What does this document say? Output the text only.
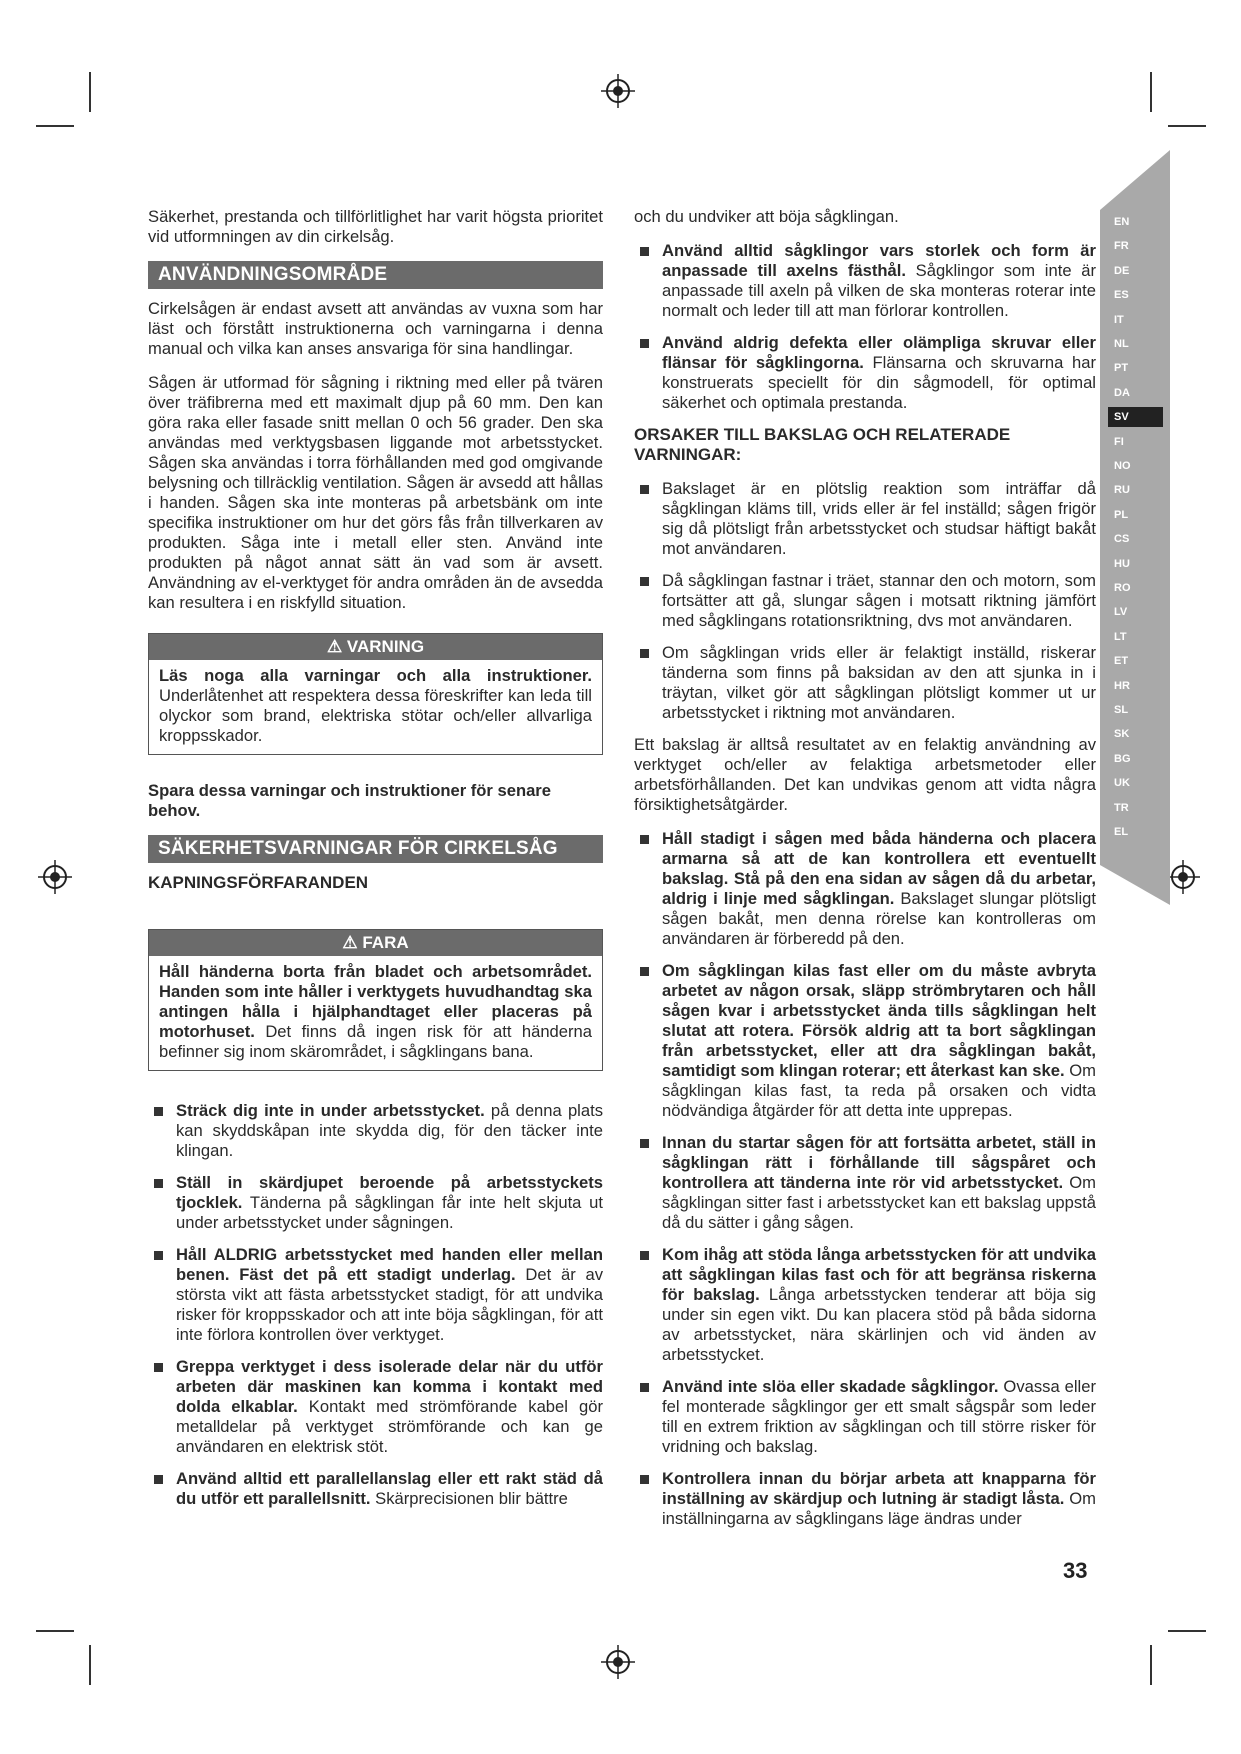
EN
FR
DE
ES
IT
NL
PT
DA
SV
FI
NO
RU
PL
CS
HU
RO
LV
LT
ET
HR
SL
SK
BG
UK
TR
EL

Säkerhet, prestanda och tillförlitlighet har varit högsta prioritet vid utformningen av din cirkelsåg.

ANVÄNDNINGSOMRÅDE

Cirkelsågen är endast avsett att användas av vuxna som har läst och förstått instruktionerna och varningarna i denna manual och vilka kan anses ansvariga för sina handlingar.

Sågen är utformad för sågning i riktning med eller på tvären över träfibrerna med ett maximalt djup på 60 mm. Den kan göra raka eller fasade snitt mellan 0 och 56 grader. Den ska användas med verktygsbasen liggande mot arbetsstycket. Sågen ska användas i torra förhållanden med god omgivande belysning och tillräcklig ventilation. Sågen är avsedd att hållas i handen. Sågen ska inte monteras på arbetsbänk om inte specifika instruktioner om hur det görs fås från tillverkaren av produkten. Såga inte i metall eller sten. Använd inte produkten på något annat sätt än vad som är avsett. Användning av el-verktyget för andra områden än de avsedda kan resultera i en riskfylld situation.

⚠ VARNING
Läs noga alla varningar och alla instruktioner. Underlåtenhet att respektera dessa föreskrifter kan leda till olyckor som brand, elektriska stötar och/eller allvarliga kroppsskador.

Spara dessa varningar och instruktioner för senare behov.

SÄKERHETSVARNINGAR FÖR CIRKELSÅG
KAPNINGSFÖRFARANDEN
⚠ FARA
Håll händerna borta från bladet och arbetsområdet. Handen som inte håller i verktygets huvudhandtag ska antingen hålla i hjälphandtaget eller placeras på motorhuset. Det finns då ingen risk för att händerna befinner sig inom skärområdet, i sågklingans bana.
Sträck dig inte in under arbetsstycket. på denna plats kan skyddskåpan inte skydda dig, för den täcker inte klingan.
Ställ in skärdjupet beroende på arbetsstyckets tjocklek. Tänderna på sågklingan får inte helt skjuta ut under arbetsstycket under sågningen.
Håll ALDRIG arbetsstycket med handen eller mellan benen. Fäst det på ett stadigt underlag. Det är av största vikt att fästa arbetsstycket stadigt, för att undvika risker för kroppsskador och att inte böja sågklingan, för att inte förlora kontrollen över verktyget.
Greppa verktyget i dess isolerade delar när du utför arbeten där maskinen kan komma i kontakt med dolda elkablar. Kontakt med strömförande kabel gör metalldelar på verktyget strömförande och kan ge användaren en elektrisk stöt.
Använd alltid ett parallellanslag eller ett rakt städ då du utför ett parallellsnitt. Skärprecisionen blir bättre

och du undviker att böja sågklingan.

Använd alltid sågklingor vars storlek och form är anpassade till axelns fästhål. Sågklingor som inte är anpassade till axeln på vilken de ska monteras roterar inte normalt och leder till att man förlorar kontrollen.
Använd aldrig defekta eller olämpliga skruvar eller flänsar för sågklingorna. Flänsarna och skruvarna har konstruerats speciellt för din sågmodell, för optimal säkerhet och optimala prestanda.
ORSAKER TILL BAKSLAG OCH RELATERADE VARNINGAR:
Bakslaget är en plötslig reaktion som inträffar då sågklingan kläms till, vrids eller är fel inställd; sågen frigör sig då plötsligt från arbetsstycket och studsar häftigt bakåt mot användaren.
Då sågklingan fastnar i träet, stannar den och motorn, som fortsätter att gå, slungar sågen i motsatt riktning jämfört med sågklingans rotationsriktning, dvs mot användaren.
Om sågklingan vrids eller är felaktigt inställd, riskerar tänderna som finns på baksidan av den att sjunka in i träytan, vilket gör att sågklingan plötsligt kommer ut ur arbetsstycket i riktning mot användaren.

Ett bakslag är alltså resultatet av en felaktig användning av verktyget och/eller av felaktiga arbetsmetoder eller arbetsförhållanden. Det kan undvikas genom att vidta några försiktighetsåtgärder.

Håll stadigt i sågen med båda händerna och placera armarna så att de kan kontrollera ett eventuellt bakslag. Stå på den ena sidan av sågen då du arbetar, aldrig i linje med sågklingan. Bakslaget slungar plötsligt sågen bakåt, men denna rörelse kan kontrolleras om användaren är förberedd på den.
Om sågklingan kilas fast eller om du måste avbryta arbetet av någon orsak, släpp strömbrytaren och håll sågen kvar i arbetsstycket ända tills sågklingan helt slutat att rotera. Försök aldrig att ta bort sågklingan från arbetsstycket, eller att dra sågklingan bakåt, samtidigt som klingan roterar; ett återkast kan ske. Om sågklingan kilas fast, ta reda på orsaken och vidta nödvändiga åtgärder för att detta inte upprepas.
Innan du startar sågen för att fortsätta arbetet, ställ in sågklingan rätt i förhållande till sågspåret och kontrollera att tänderna inte rör vid arbetsstycket. Om sågklingan sitter fast i arbetsstycket kan ett bakslag uppstå då du sätter i gång sågen.
Kom ihåg att stöda långa arbetsstycken för att undvika att sågklingan kilas fast och för att begränsa riskerna för bakslag. Långa arbetsstycken tenderar att böja sig under sin egen vikt. Du kan placera stöd på båda sidorna av arbetsstycket, nära skärlinjen och vid änden av arbetsstycket.
Använd inte slöa eller skadade sågklingor. Ovassa eller fel monterade sågklingor ger ett smalt sågspår som leder till en extrem friktion av sågklingan och till större risker för vridning och bakslag.
Kontrollera innan du börjar arbeta att knapparna för inställning av skärdjup och lutning är stadigt låsta. Om inställningarna av sågklingans läge ändras under
33
